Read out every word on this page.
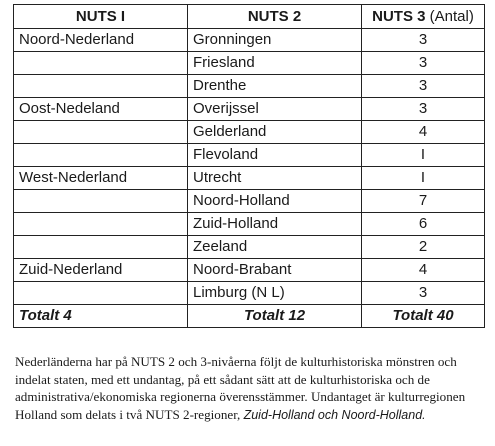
NUTS I	NUTS 2	NUTS 3 (Antal)
Noord-Nederland	Gronningen	3
	Friesland	3
	Drenthe	3
Oost-Nedeland	Overijssel	3
	Gelderland	4
	Flevoland	I
West-Nederland	Utrecht	I
	Noord-Holland	7
	Zuid-Holland	6
	Zeeland	2
Zuid-Nederland	Noord-Brabant	4
	Limburg (N L)	3
Totalt 4	Totalt 12	Totalt 40

Nederländerna har på NUTS 2 och 3-nivåerna följt de kulturhistoriska mönstren och indelat staten, med ett undantag, på ett sådant sätt att de kulturhistoriska och de administrativa/ekonomiska regionerna överensstämmer. Undantaget är kulturregionen Holland som delats i två NUTS 2-regioner, Zuid-Holland och Noord-Holland.
